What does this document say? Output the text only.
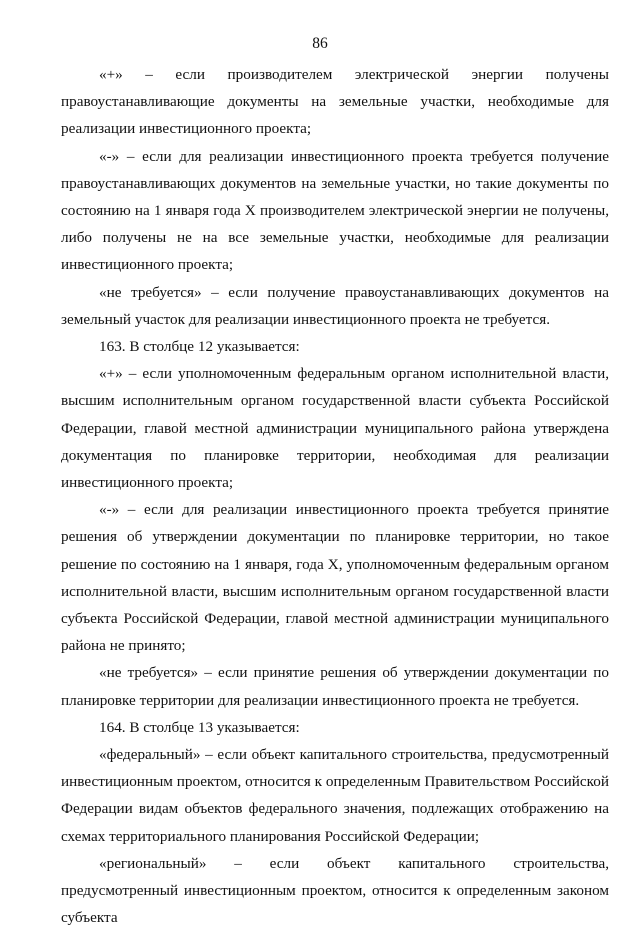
86

«+» – если производителем электрической энергии получены правоустанавливающие документы на земельные участки, необходимые для реализации инвестиционного проекта;

«-» – если для реализации инвестиционного проекта требуется получение правоустанавливающих документов на земельные участки, но такие документы по состоянию на 1 января года X производителем электрической энергии не получены, либо получены не на все земельные участки, необходимые для реализации инвестиционного проекта;

«не требуется» – если получение правоустанавливающих документов на земельный участок для реализации инвестиционного проекта не требуется.

163. В столбце 12 указывается:

«+» – если уполномоченным федеральным органом исполнительной власти, высшим исполнительным органом государственной власти субъекта Российской Федерации, главой местной администрации муниципального района утверждена документация по планировке территории, необходимая для реализации инвестиционного проекта;

«-» – если для реализации инвестиционного проекта требуется принятие решения об утверждении документации по планировке территории, но такое решение по состоянию на 1 января, года X, уполномоченным федеральным органом исполнительной власти, высшим исполнительным органом государственной власти субъекта Российской Федерации, главой местной администрации муниципального района не принято;

«не требуется» – если принятие решения об утверждении документации по планировке территории для реализации инвестиционного проекта не требуется.

164. В столбце 13 указывается:

«федеральный» – если объект капитального строительства, предусмотренный инвестиционным проектом, относится к определенным Правительством Российской Федерации видам объектов федерального значения, подлежащих отображению на схемах территориального планирования Российской Федерации;

«региональный» – если объект капитального строительства, предусмотренный инвестиционным проектом, относится к определенным законом субъекта
